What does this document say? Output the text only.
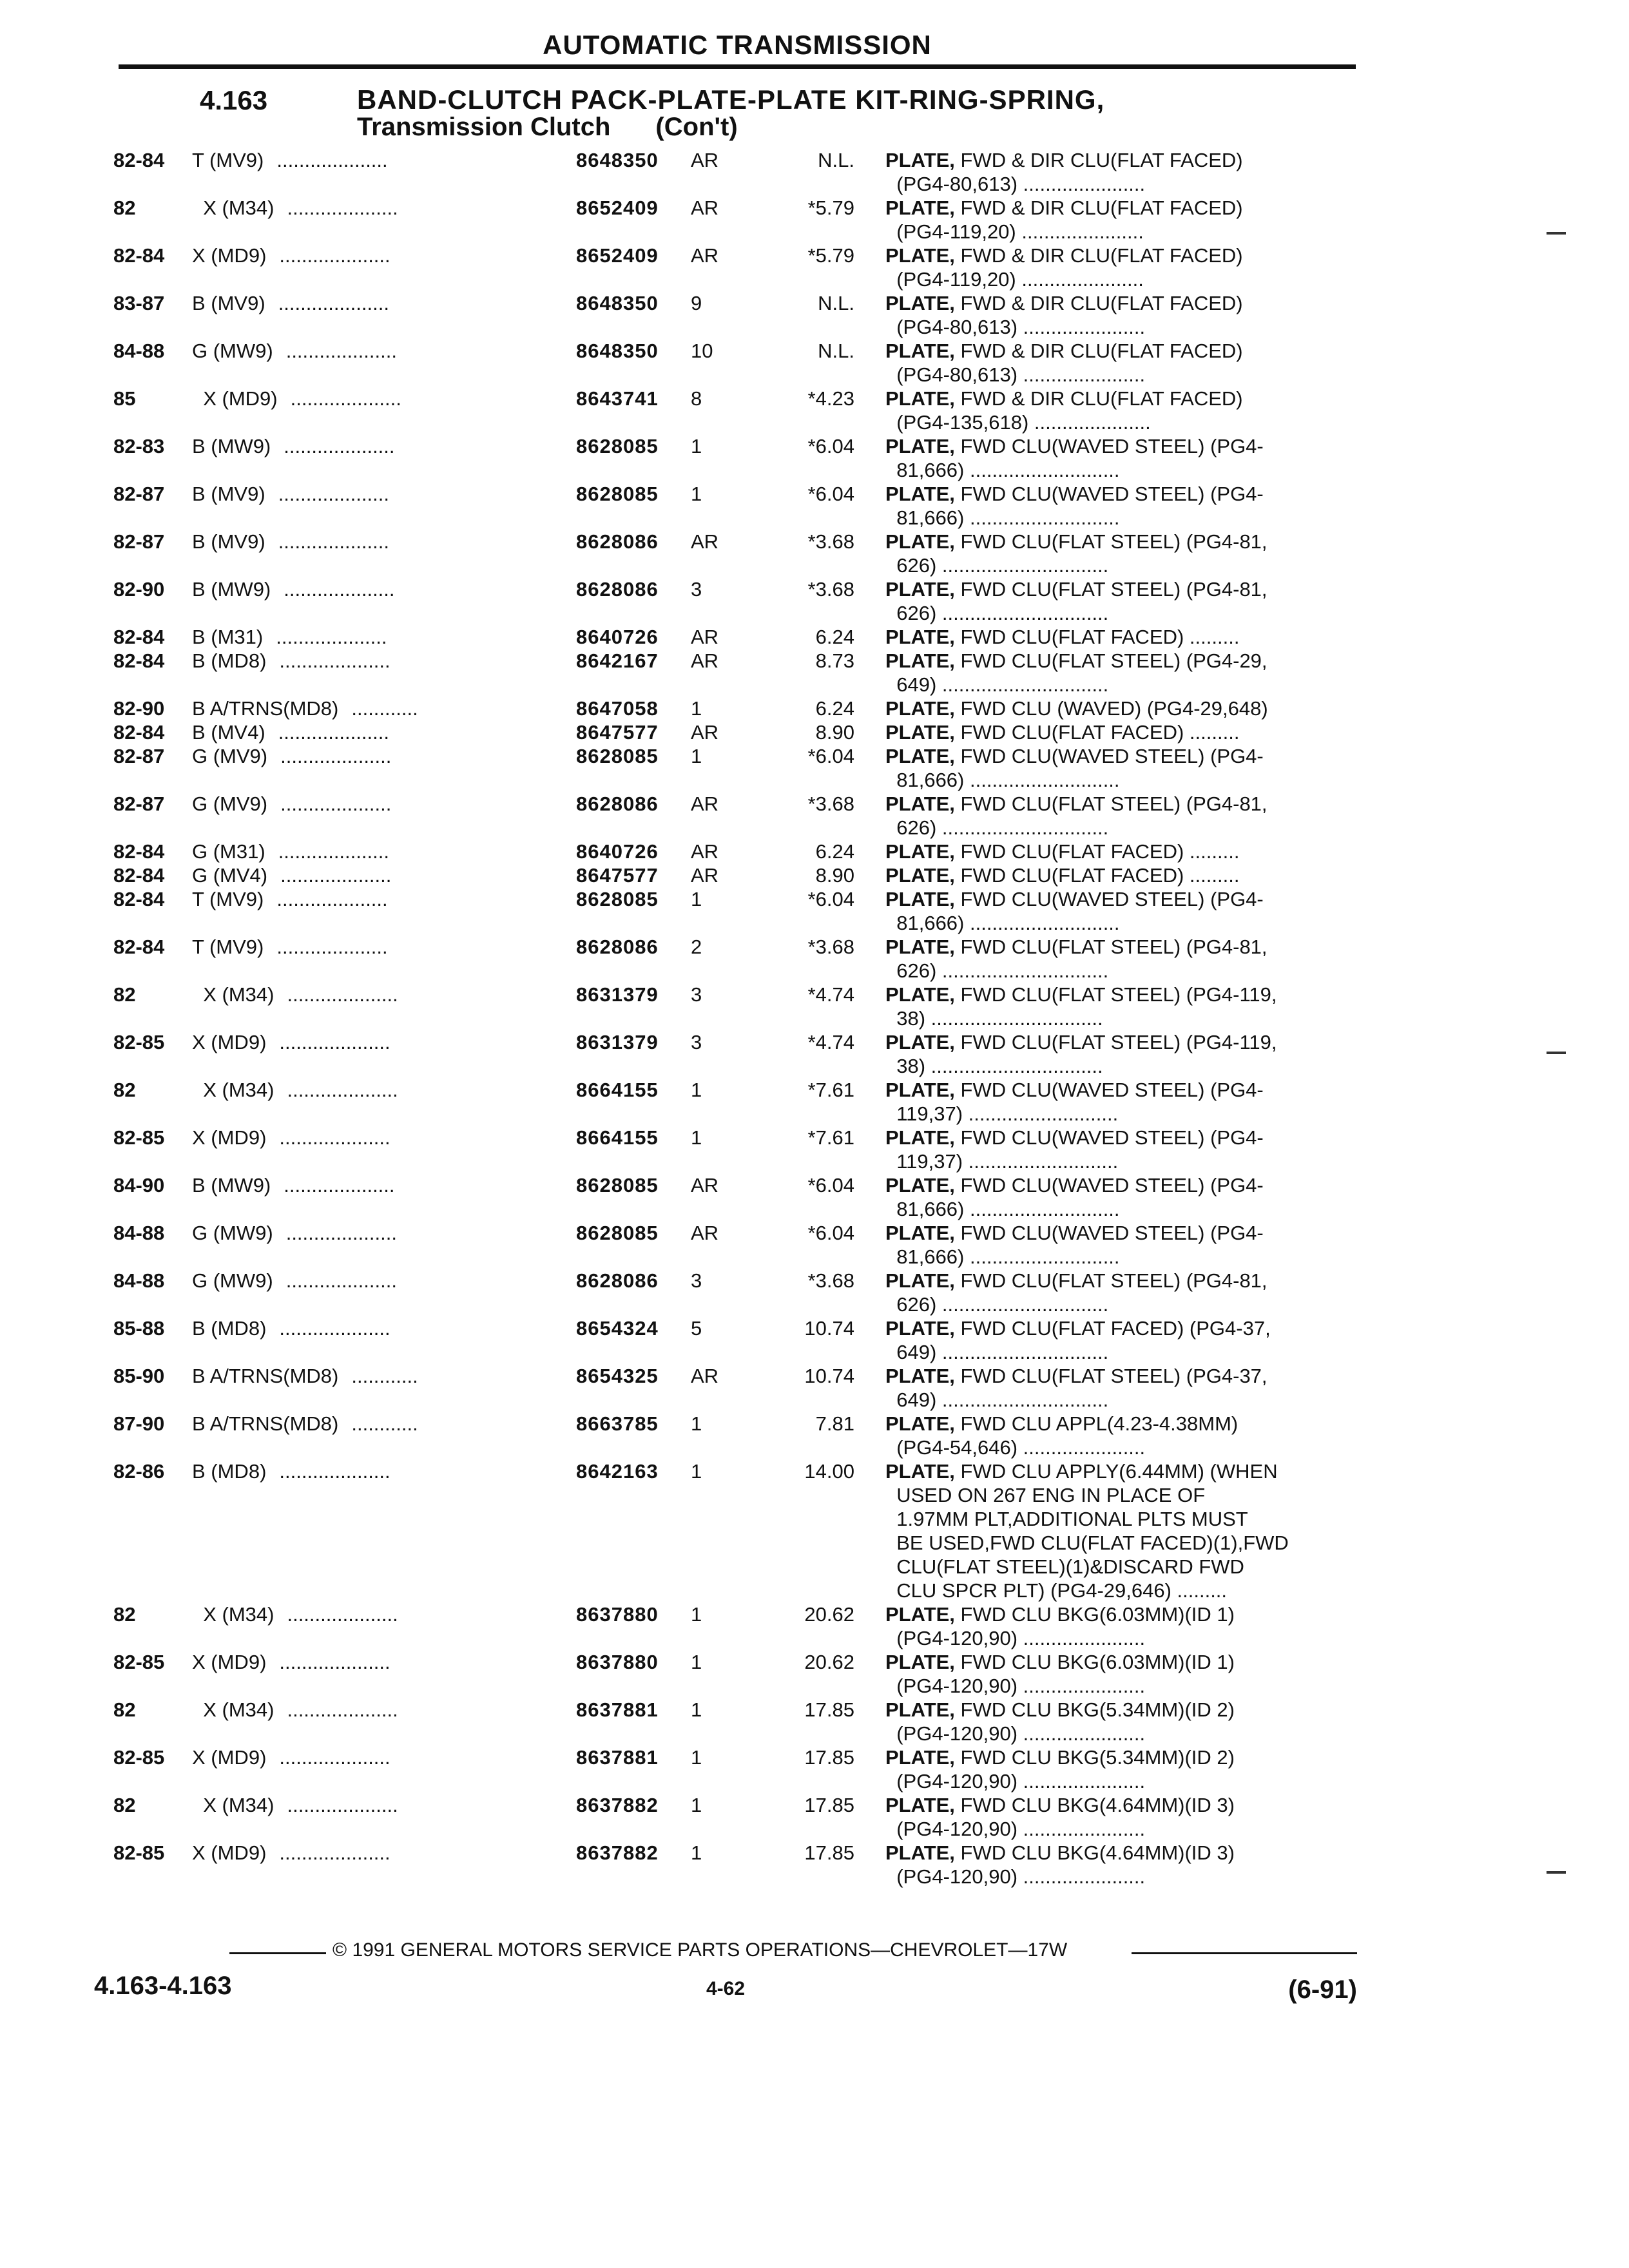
AUTOMATIC TRANSMISSION
4.163	BAND-CLUTCH PACK-PLATE-PLATE KIT-RING-SPRING,
Transmission Clutch (Con't)
82-84	T (MV9) ....................	8648350	AR	N.L. PLATE, FWD & DIR CLU(FLAT FACED)
(PG4-80,613) ......................
82	X (M34) ....................	8652409	AR	*5.79 PLATE, FWD & DIR CLU(FLAT FACED)
(PG4-119,20) ......................
82-84	X (MD9) ....................	8652409	AR	*5.79 PLATE, FWD & DIR CLU(FLAT FACED)
(PG4-119,20) ......................
83-87	B (MV9) ....................	8648350	9	N.L. PLATE, FWD & DIR CLU(FLAT FACED)
(PG4-80,613) ......................
84-88	G (MW9) ....................	8648350	10	N.L. PLATE, FWD & DIR CLU(FLAT FACED)
(PG4-80,613) ......................
85	X (MD9) ....................	8643741	8	*4.23 PLATE, FWD & DIR CLU(FLAT FACED)
(PG4-135,618) .....................
82-83	B (MW9) ....................	8628085	1	*6.04 PLATE, FWD CLU(WAVED STEEL) (PG4-
81,666) ...........................
82-87	B (MV9) ....................	8628085	1	*6.04 PLATE, FWD CLU(WAVED STEEL) (PG4-
81,666) ...........................
82-87	B (MV9) ....................	8628086	AR	*3.68 PLATE, FWD CLU(FLAT STEEL) (PG4-81,
626) ..............................
82-90	B (MW9) ....................	8628086	3	*3.68 PLATE, FWD CLU(FLAT STEEL) (PG4-81,
626) ..............................
82-84	B (M31) ....................	8640726	AR	6.24 PLATE, FWD CLU(FLAT FACED) .........
82-84	B (MD8) ....................	8642167	AR	8.73 PLATE, FWD CLU(FLAT STEEL) (PG4-29,
649) ..............................
82-90	B A/TRNS(MD8) ............	8647058	1	6.24 PLATE, FWD CLU (WAVED) (PG4-29,648)
82-84	B (MV4) ....................	8647577	AR	8.90 PLATE, FWD CLU(FLAT FACED) .........
82-87	G (MV9) ....................	8628085	1	*6.04 PLATE, FWD CLU(WAVED STEEL) (PG4-
81,666) ...........................
82-87	G (MV9) ....................	8628086	AR	*3.68 PLATE, FWD CLU(FLAT STEEL) (PG4-81,
626) ..............................
82-84	G (M31) ....................	8640726	AR	6.24 PLATE, FWD CLU(FLAT FACED) .........
82-84	G (MV4) ....................	8647577	AR	8.90 PLATE, FWD CLU(FLAT FACED) .........
82-84	T (MV9) ....................	8628085	1	*6.04 PLATE, FWD CLU(WAVED STEEL) (PG4-
81,666) ...........................
82-84	T (MV9) ....................	8628086	2	*3.68 PLATE, FWD CLU(FLAT STEEL) (PG4-81,
626) ..............................
82	X (M34) ....................	8631379	3	*4.74 PLATE, FWD CLU(FLAT STEEL) (PG4-119,
38) ...............................
82-85	X (MD9) ....................	8631379	3	*4.74 PLATE, FWD CLU(FLAT STEEL) (PG4-119,
38) ...............................
82	X (M34) ....................	8664155	1	*7.61 PLATE, FWD CLU(WAVED STEEL) (PG4-
119,37) ...........................
82-85	X (MD9) ....................	8664155	1	*7.61 PLATE, FWD CLU(WAVED STEEL) (PG4-
119,37) ...........................
84-90	B (MW9) ....................	8628085	AR	*6.04 PLATE, FWD CLU(WAVED STEEL) (PG4-
81,666) ...........................
84-88	G (MW9) ....................	8628085	AR	*6.04 PLATE, FWD CLU(WAVED STEEL) (PG4-
81,666) ...........................
84-88	G (MW9) ....................	8628086	3	*3.68 PLATE, FWD CLU(FLAT STEEL) (PG4-81,
626) ..............................
85-88	B (MD8) ....................	8654324	5	10.74 PLATE, FWD CLU(FLAT FACED) (PG4-37,
649) ..............................
85-90	B A/TRNS(MD8) ............	8654325	AR	10.74 PLATE, FWD CLU(FLAT STEEL) (PG4-37,
649) ..............................
87-90	B A/TRNS(MD8) ............	8663785	1	7.81 PLATE, FWD CLU APPL(4.23-4.38MM)
(PG4-54,646) ......................
82-86	B (MD8) ....................	8642163	1	14.00 PLATE, FWD CLU APPLY(6.44MM) (WHEN
USED ON 267 ENG IN PLACE OF
1.97MM PLT,ADDITIONAL PLTS MUST
BE USED,FWD CLU(FLAT FACED)(1),FWD
CLU(FLAT STEEL)(1)&DISCARD FWD
CLU SPCR PLT) (PG4-29,646) .........
82	X (M34) ....................	8637880	1	20.62 PLATE, FWD CLU BKG(6.03MM)(ID 1)
(PG4-120,90) ......................
82-85	X (MD9) ....................	8637880	1	20.62 PLATE, FWD CLU BKG(6.03MM)(ID 1)
(PG4-120,90) ......................
82	X (M34) ....................	8637881	1	17.85 PLATE, FWD CLU BKG(5.34MM)(ID 2)
(PG4-120,90) ......................
82-85	X (MD9) ....................	8637881	1	17.85 PLATE, FWD CLU BKG(5.34MM)(ID 2)
(PG4-120,90) ......................
82	X (M34) ....................	8637882	1	17.85 PLATE, FWD CLU BKG(4.64MM)(ID 3)
(PG4-120,90) ......................
82-85	X (MD9) ....................	8637882	1	17.85 PLATE, FWD CLU BKG(4.64MM)(ID 3)
(PG4-120,90) ......................
© 1991 GENERAL MOTORS SERVICE PARTS OPERATIONS—CHEVROLET—17W
4.163-4.163	4-62	(6-91)
